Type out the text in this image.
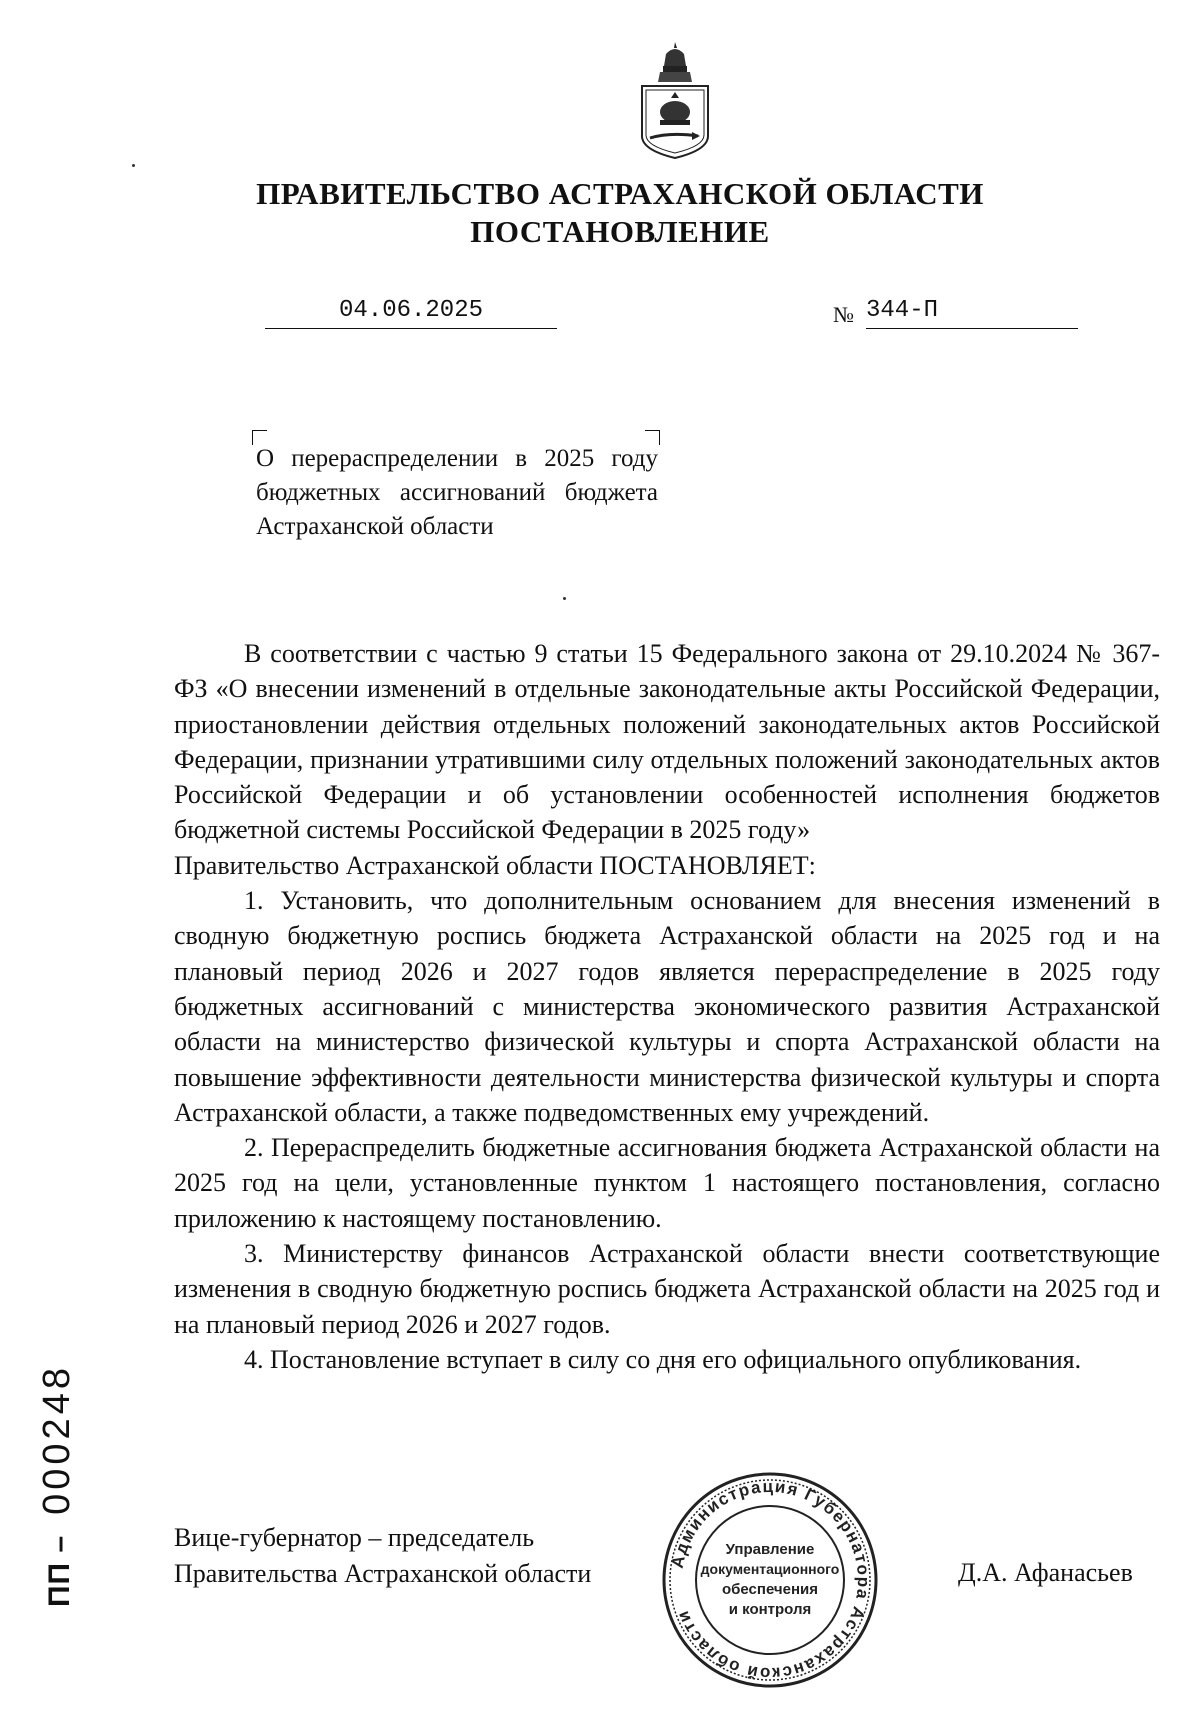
ПРАВИТЕЛЬСТВО АСТРАХАНСКОЙ ОБЛАСТИ
ПОСТАНОВЛЕНИЕ
04.06.2025	№ 344-П
О перераспределении в 2025 году бюджетных ассигнований бюджета Астраханской области

В соответствии с частью 9 статьи 15 Федерального закона от 29.10.2024 № 367-ФЗ «О внесении изменений в отдельные законодательные акты Российской Федерации, приостановлении действия отдельных положений законодательных актов Российской Федерации, признании утратившими силу отдельных положений законодательных актов Российской Федерации и об установлении особенностей исполнения бюджетов бюджетной системы Российской Федерации в 2025 году»

Правительство Астраханской области ПОСТАНОВЛЯЕТ:

1. Установить, что дополнительным основанием для внесения изменений в сводную бюджетную роспись бюджета Астраханской области на 2025 год и на плановый период 2026 и 2027 годов является перераспределение в 2025 году бюджетных ассигнований с министерства экономического развития Астраханской области на министерство физической культуры и спорта Астраханской области на повышение эффективности деятельности министерства физической культуры и спорта Астраханской области, а также подведомственных ему учреждений.

2. Перераспределить бюджетные ассигнования бюджета Астраханской области на 2025 год на цели, установленные пунктом 1 настоящего постановления, согласно приложению к настоящему постановлению.

3. Министерству финансов Астраханской области внести соответствующие изменения в сводную бюджетную роспись бюджета Астраханской области на 2025 год и на плановый период 2026 и 2027 годов.

4. Постановление вступает в силу со дня его официального опубликования.

Вице-губернатор – председатель
Правительства Астраханской области	Д.А. Афанасьев
Администрация Губернатора Астраханской области
Управление
документационного
обеспечения
и контроля
ПП – 000248
